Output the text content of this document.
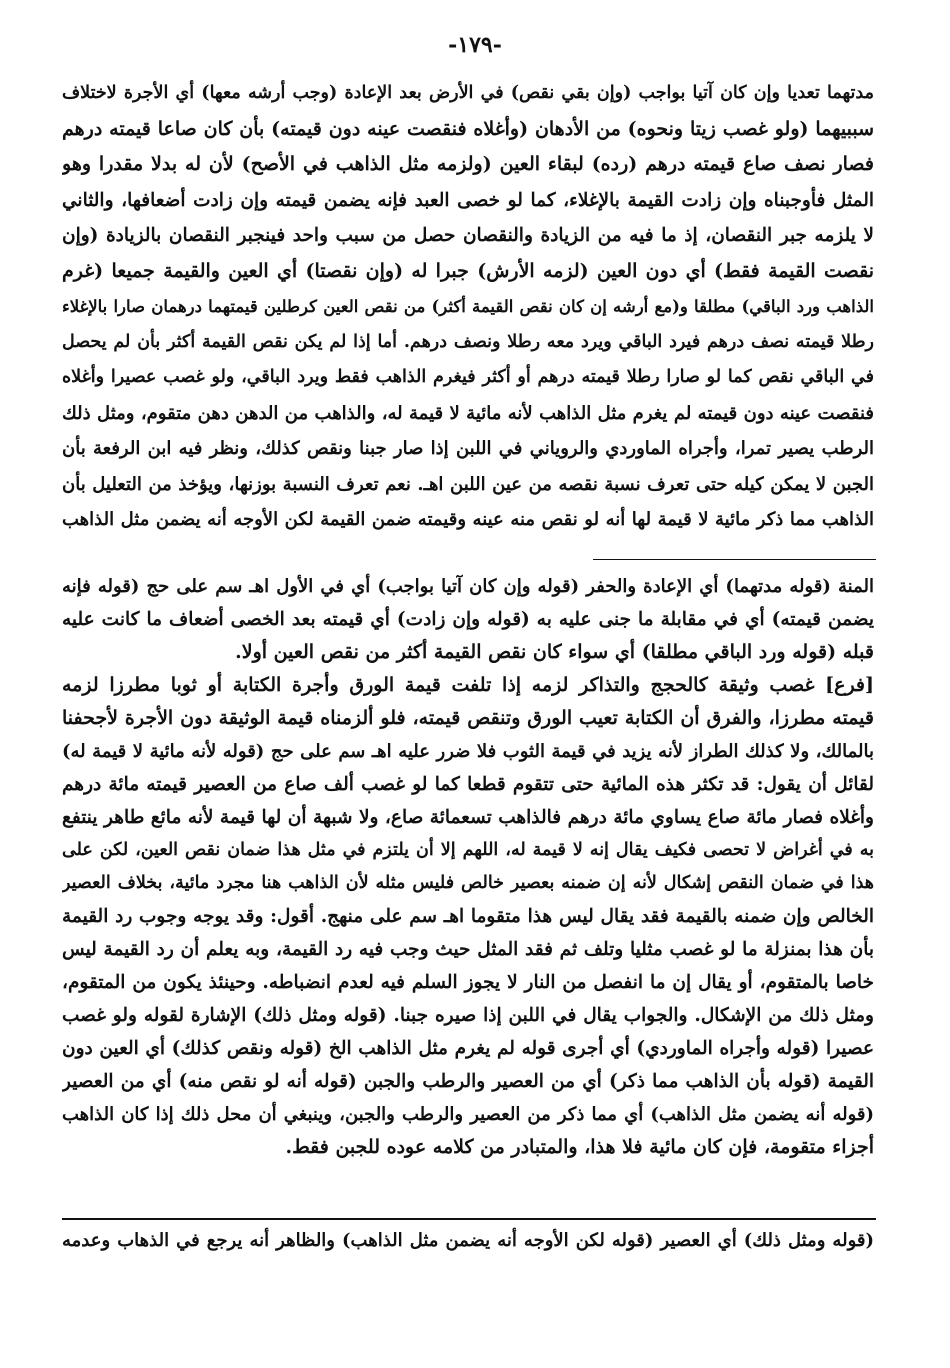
-١٧٩-
مدتهما تعديا وإن كان آتيا بواجب (وإن بقي نقص) في الأرض بعد الإعادة (وجب أرشه معها) أي الأجرة لاختلاف
سببيهما (ولو غصب زيتا ونحوه) من الأدهان (وأغلاه فنقصت عينه دون قيمته) بأن كان صاعا قيمته درهم
فصار نصف صاع قيمته درهم (رده) لبقاء العين (ولزمه مثل الذاهب في الأصح) لأن له بدلا مقدرا وهو
المثل فأوجبناه وإن زادت القيمة بالإغلاء، كما لو خصى العبد فإنه يضمن قيمته وإن زادت أضعافها، والثاني
لا يلزمه جبر النقصان، إذ ما فيه من الزيادة والنقصان حصل من سبب واحد فينجبر النقصان بالزيادة (وإن
نقصت القيمة فقط) أي دون العين (لزمه الأرش) جبرا له (وإن نقصتا) أي العين والقيمة جميعا (غرم
الذاهب ورد الباقي) مطلقا و(مع أرشه إن كان نقص القيمة أكثر) من نقص العين كرطلين قيمتهما درهمان صارا بالإغلاء
رطلا قيمته نصف درهم فيرد الباقي ويرد معه رطلا ونصف درهم. أما إذا لم يكن نقص القيمة أكثر بأن لم يحصل
في الباقي نقص كما لو صارا رطلا قيمته درهم أو أكثر فيغرم الذاهب فقط ويرد الباقي، ولو غصب عصيرا وأغلاه
فنقصت عينه دون قيمته لم يغرم مثل الذاهب لأنه مائية لا قيمة له، والذاهب من الدهن دهن متقوم، ومثل ذلك
الرطب يصير تمرا، وأجراه الماوردي والروياني في اللبن إذا صار جبنا ونقص كذلك، ونظر فيه ابن الرفعة بأن
الجبن لا يمكن كيله حتى تعرف نسبة نقصه من عين اللبن اهـ. نعم تعرف النسبة بوزنها، ويؤخذ من التعليل بأن
الذاهب مما ذكر مائية لا قيمة لها أنه لو نقص منه عينه وقيمته ضمن القيمة لكن الأوجه أنه يضمن مثل الذاهب
المنة (قوله مدتهما) أي الإعادة والحفر (قوله وإن كان آتيا بواجب) أي في الأول اهـ سم على حج (قوله فإنه
يضمن قيمته) أي في مقابلة ما جنى عليه به (قوله وإن زادت) أي قيمته بعد الخصى أضعاف ما كانت عليه
قبله (قوله ورد الباقي مطلقا) أي سواء كان نقص القيمة أكثر من نقص العين أولا.
[فرع] غصب وثيقة كالحجج والتذاكر لزمه إذا تلفت قيمة الورق وأجرة الكتابة أو ثوبا مطرزا لزمه
قيمته مطرزا، والفرق أن الكتابة تعيب الورق وتنقص قيمته، فلو ألزمناه قيمة الوثيقة دون الأجرة لأجحفنا
بالمالك، ولا كذلك الطراز لأنه يزيد في قيمة الثوب فلا ضرر عليه اهـ سم على حج (قوله لأنه مائية لا قيمة له)
لقائل أن يقول: قد تكثر هذه المائية حتى تتقوم قطعا كما لو غصب ألف صاع من العصير قيمته مائة درهم
وأغلاه فصار مائة صاع يساوي مائة درهم فالذاهب تسعمائة صاع، ولا شبهة أن لها قيمة لأنه مائع طاهر ينتفع
به في أغراض لا تحصى فكيف يقال إنه لا قيمة له، اللهم إلا أن يلتزم في مثل هذا ضمان نقص العين، لكن على
هذا في ضمان النقص إشكال لأنه إن ضمنه بعصير خالص فليس مثله لأن الذاهب هنا مجرد مائية، بخلاف العصير
الخالص وإن ضمنه بالقيمة فقد يقال ليس هذا متقوما اهـ سم على منهج. أقول: وقد يوجه وجوب رد القيمة
بأن هذا بمنزلة ما لو غصب مثليا وتلف ثم فقد المثل حيث وجب فيه رد القيمة، وبه يعلم أن رد القيمة ليس
خاصا بالمتقوم، أو يقال إن ما انفصل من النار لا يجوز السلم فيه لعدم انضباطه. وحينئذ يكون من المتقوم،
ومثل ذلك من الإشكال. والجواب يقال في اللبن إذا صيره جبنا. (قوله ومثل ذلك) الإشارة لقوله ولو غصب
عصيرا (قوله وأجراه الماوردي) أي أجرى قوله لم يغرم مثل الذاهب الخ (قوله ونقص كذلك) أي العين دون
القيمة (قوله بأن الذاهب مما ذكر) أي من العصير والرطب والجبن (قوله أنه لو نقص منه) أي من العصير
(قوله أنه يضمن مثل الذاهب) أي مما ذكر من العصير والرطب والجبن، وينبغي أن محل ذلك إذا كان الذاهب
أجزاء متقومة، فإن كان مائية فلا هذا، والمتبادر من كلامه عوده للجبن فقط.
(قوله ومثل ذلك) أي العصير (قوله لكن الأوجه أنه يضمن مثل الذاهب) والظاهر أنه يرجع في الذهاب وعدمه
